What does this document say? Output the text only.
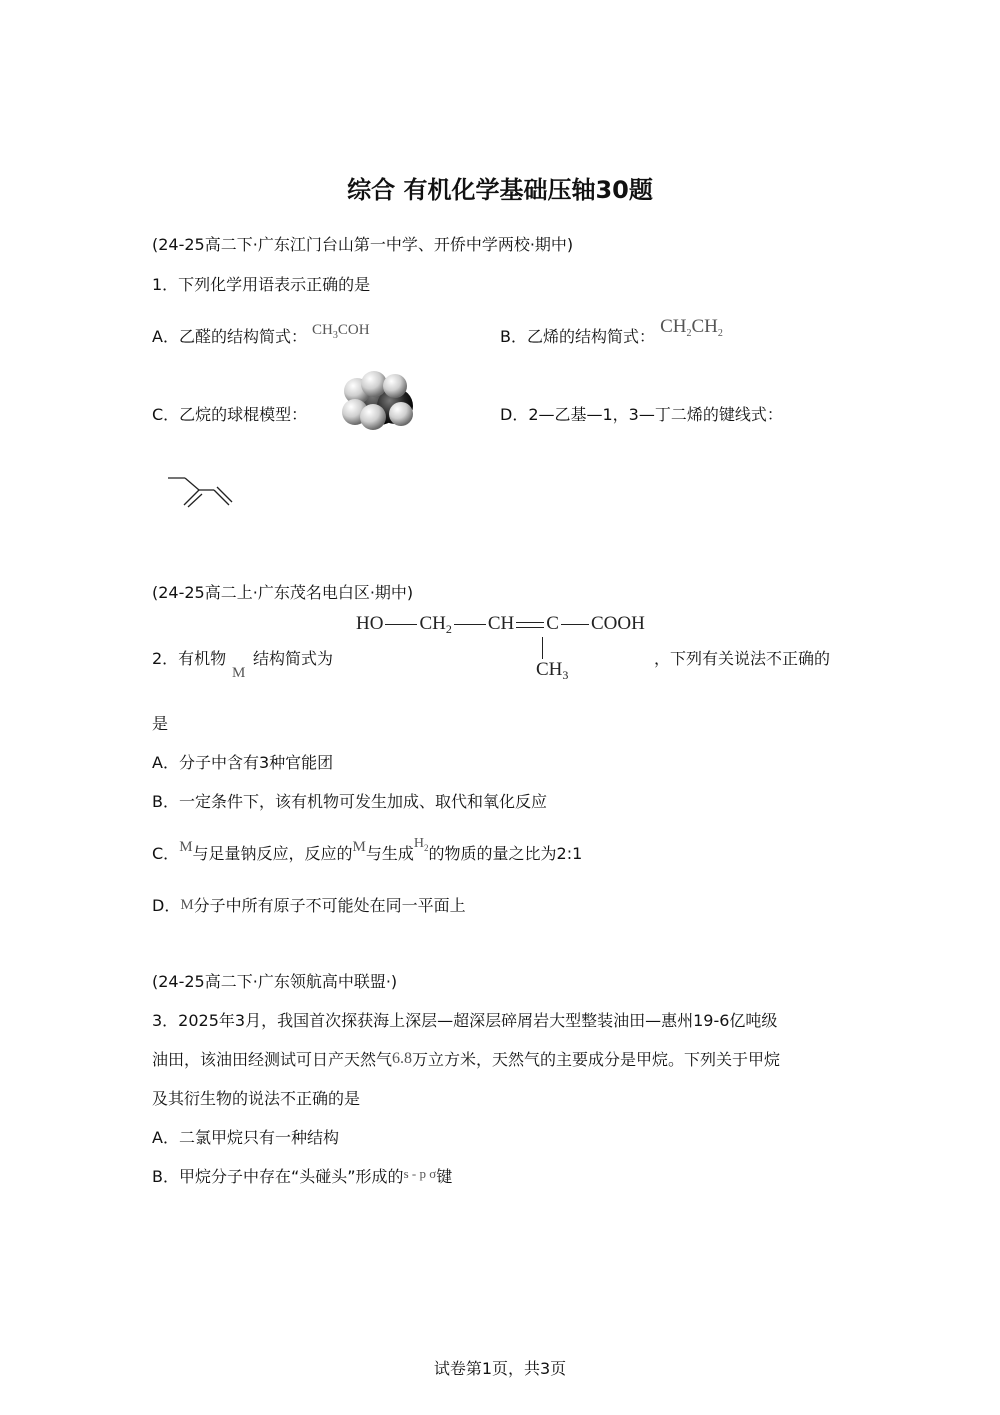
综合 有机化学基础压轴30题
(24-25高二下·广东江门台山第一中学、开侨中学两校·期中)
1．下列化学用语表示正确的是
A．乙醛的结构简式： $CH_3COH$	B．乙烯的结构简式： $CH_2CH_2$
C．乙烷的球棍模型：	D．2—乙基—1，3—丁二烯的键线式：
(24-25高二上·广东茂名电白区·期中)
2．有机物
M
结构简式为
HO $CH_2$ CH C COOH
$CH_3$
，下列有关说法不正确的
是
A．分子中含有3种官能团
B．一定条件下，该有机物可发生加成、取代和氧化反应
C．M与足量钠反应，反应的M与生成$H_2$的物质的量之比为2:1
D．M分子中所有原子不可能处在同一平面上
(24-25高二下·广东领航高中联盟·)
3．2025年3月，我国首次探获海上深层—超深层碎屑岩大型整装油田—惠州19-6亿吨级
油田，该油田经测试可日产天然气6.8万立方米，天然气的主要成分是甲烷。下列关于甲烷
及其衍生物的说法不正确的是
A．二氯甲烷只有一种结构
B．甲烷分子中存在“头碰头”形成的$^{s - p \sigma}$键
试卷第1页，共3页
